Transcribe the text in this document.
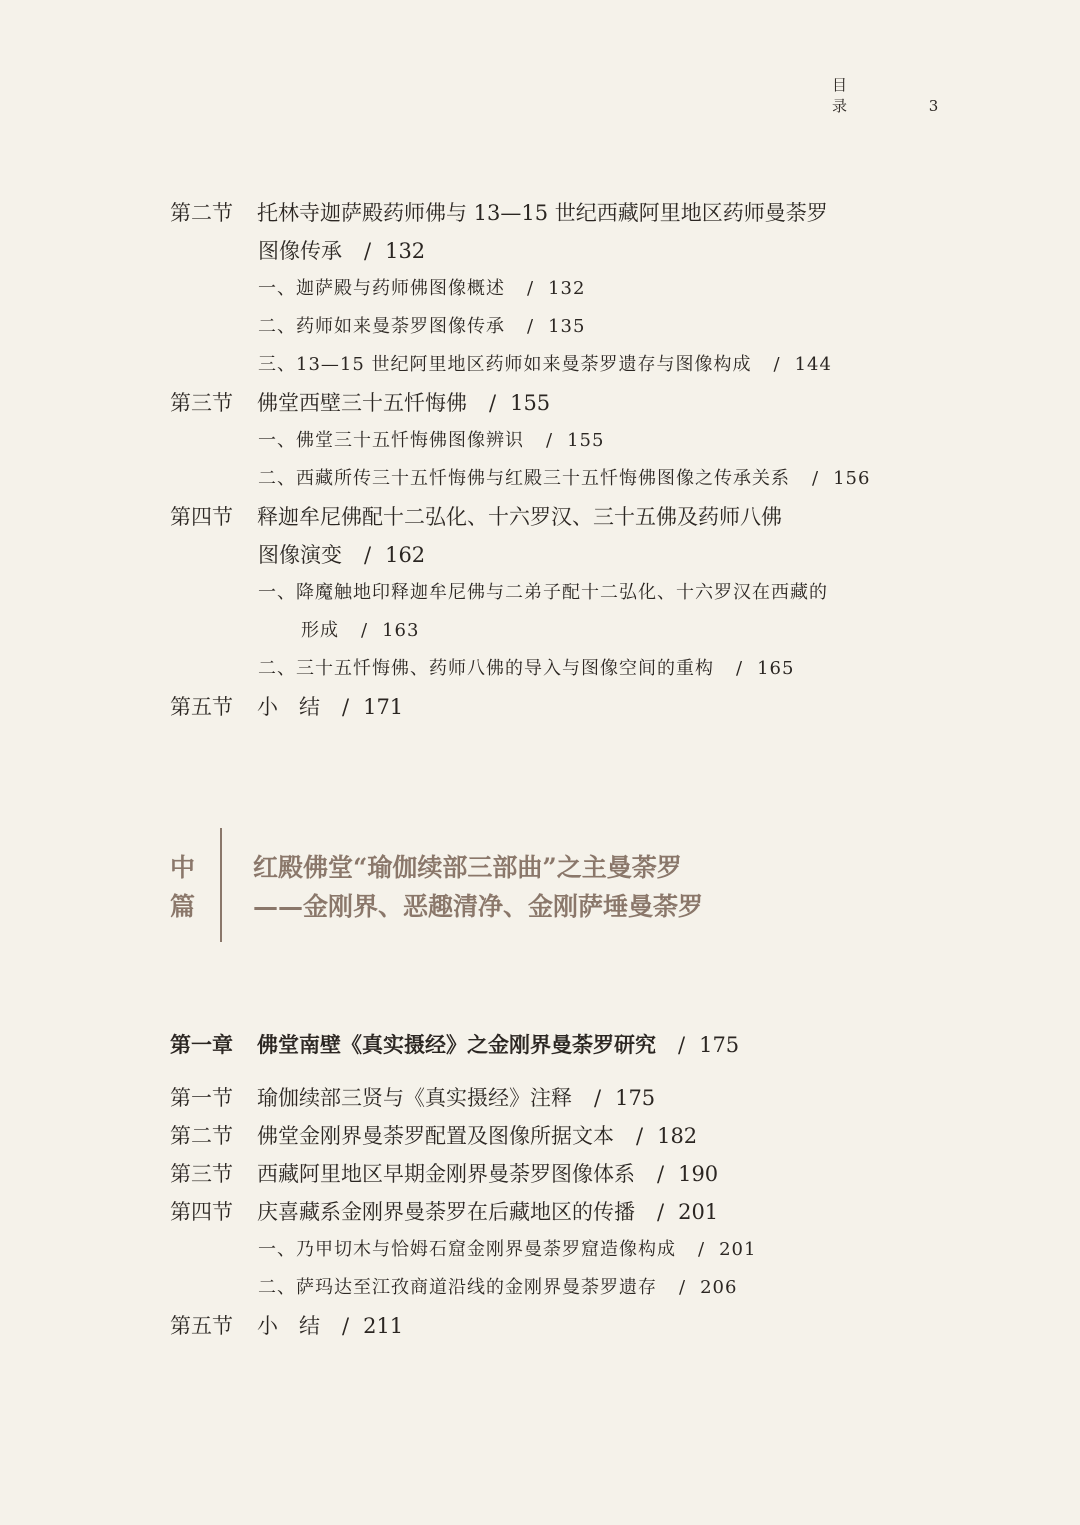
目 录	3
第二节 托林寺迦萨殿药师佛与 13—15 世纪西藏阿里地区药师曼荼罗
图像传承 / 132
一、迦萨殿与药师佛图像概述 / 132
二、药师如来曼荼罗图像传承 / 135
三、13—15 世纪阿里地区药师如来曼荼罗遗存与图像构成 / 144
第三节 佛堂西壁三十五忏悔佛 / 155
一、佛堂三十五忏悔佛图像辨识 / 155
二、西藏所传三十五忏悔佛与红殿三十五忏悔佛图像之传承关系 / 156
第四节 释迦牟尼佛配十二弘化、十六罗汉、三十五佛及药师八佛
图像演变 / 162
一、降魔触地印释迦牟尼佛与二弟子配十二弘化、十六罗汉在西藏的
形成 / 163
二、三十五忏悔佛、药师八佛的导入与图像空间的重构 / 165
第五节 小　结 / 171
中
篇
红殿佛堂“瑜伽续部三部曲”之主曼荼罗
——金刚界、恶趣清净、金刚萨埵曼荼罗
第一章 佛堂南壁《真实摄经》之金刚界曼荼罗研究 / 175
第一节 瑜伽续部三贤与《真实摄经》注释 / 175
第二节 佛堂金刚界曼荼罗配置及图像所据文本 / 182
第三节 西藏阿里地区早期金刚界曼荼罗图像体系 / 190
第四节 庆喜藏系金刚界曼荼罗在后藏地区的传播 / 201
一、乃甲切木与恰姆石窟金刚界曼荼罗窟造像构成 / 201
二、萨玛达至江孜商道沿线的金刚界曼荼罗遗存 / 206
第五节 小　结 / 211
